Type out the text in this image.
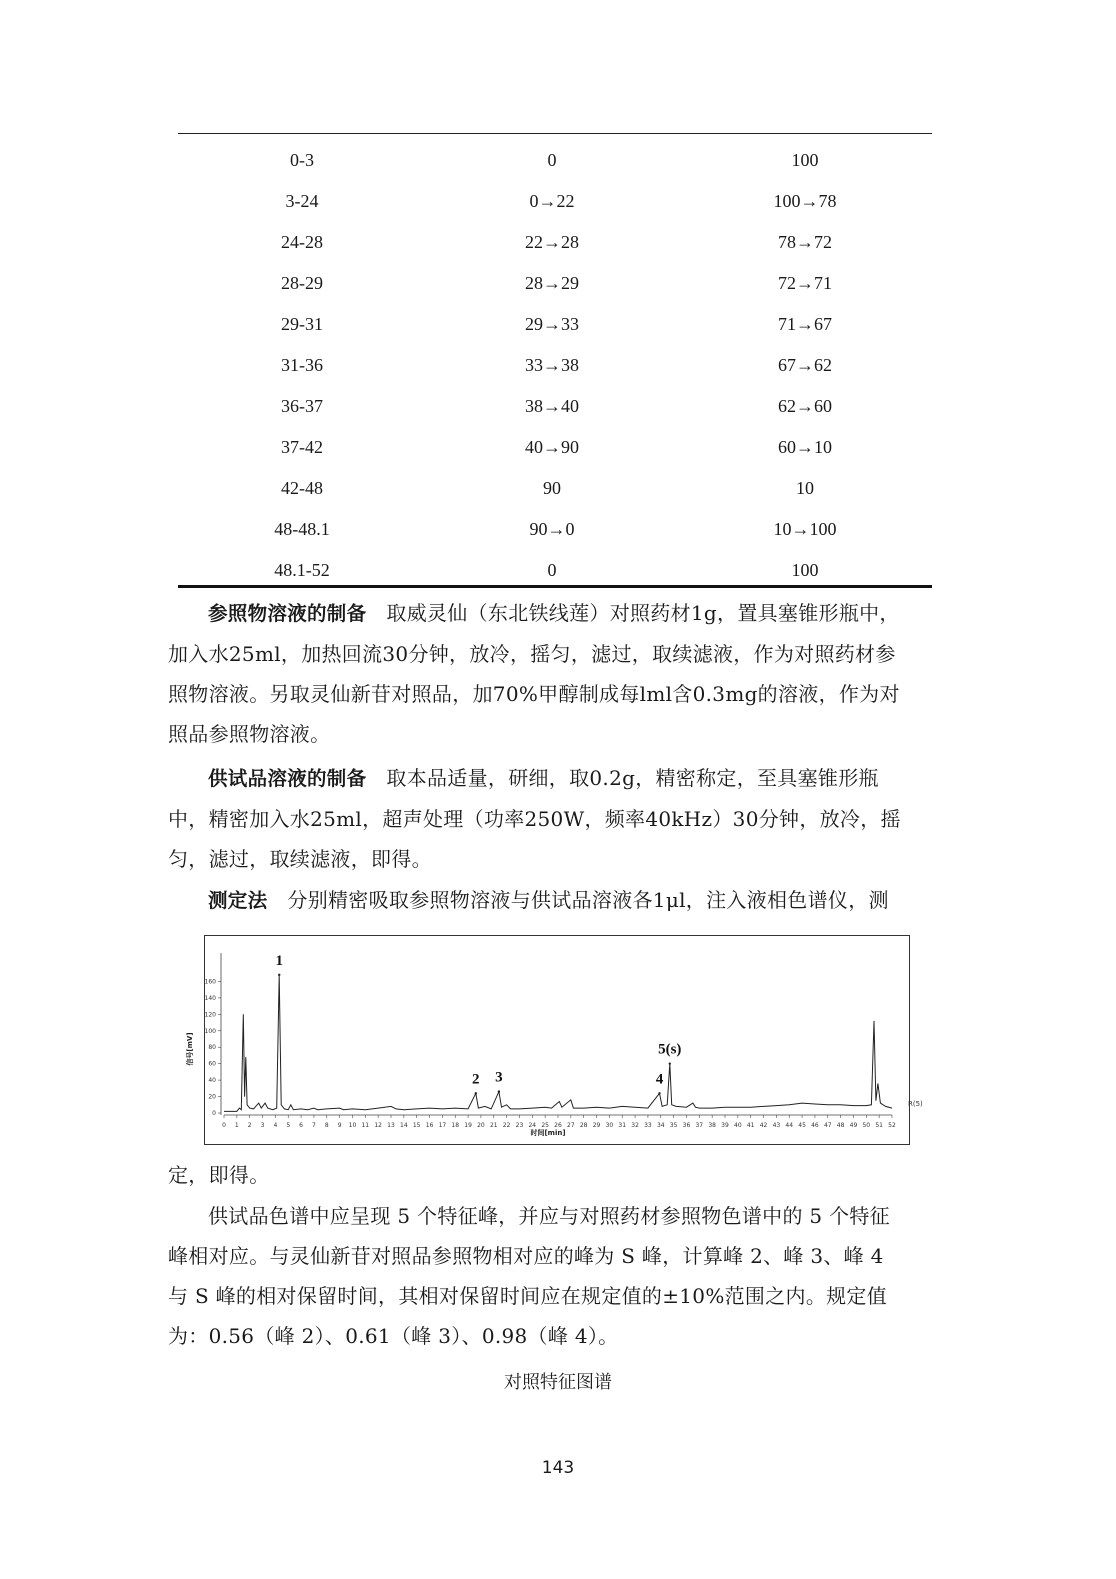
0-3	0	100
3-24	0→22	100→78
24-28	22→28	78→72
28-29	28→29	72→71
29-31	29→33	71→67
31-36	33→38	67→62
36-37	38→40	62→60
37-42	40→90	60→10
42-48	90	10
48-48.1	90→0	10→100
48.1-52	0	100
参照物溶液的制备 取威灵仙（东北铁线莲）对照药材1g，置具塞锥形瓶中，
加入水25ml，加热回流30分钟，放冷，摇匀，滤过，取续滤液，作为对照药材参
照物溶液。另取灵仙新苷对照品，加70%甲醇制成每lml含0.3mg的溶液，作为对
照品参照物溶液。
供试品溶液的制备 取本品适量，研细，取0.2g，精密称定，至具塞锥形瓶
中，精密加入水25ml，超声处理（功率250W，频率40kHz）30分钟，放冷，摇
匀，滤过，取续滤液，即得。
测定法 分别精密吸取参照物溶液与供试品溶液各1μl，注入液相色谱仪，测
0 1 2 3 4 5 6 7 8 9 10 11 12 13 14 15 16 17 18 19 20 21 22 23 24 25 26 27 28 29 30 31 32 33 34 35 36 37 38 39 40 41 42 43 44 45 46 47 48 49 50 51 52
0
20
40
60
80
100
120
140
160
时间[min]
信号[mV]
R(5)
1
2 3	4
5(s)
定，即得。
供试品色谱中应呈现 5 个特征峰，并应与对照药材参照物色谱中的 5 个特征
峰相对应。与灵仙新苷对照品参照物相对应的峰为 S 峰，计算峰 2、峰 3、峰 4
与 S 峰的相对保留时间，其相对保留时间应在规定值的±10%范围之内。规定值
为：0.56（峰 2）、0.61（峰 3）、0.98（峰 4）。
对照特征图谱
143
